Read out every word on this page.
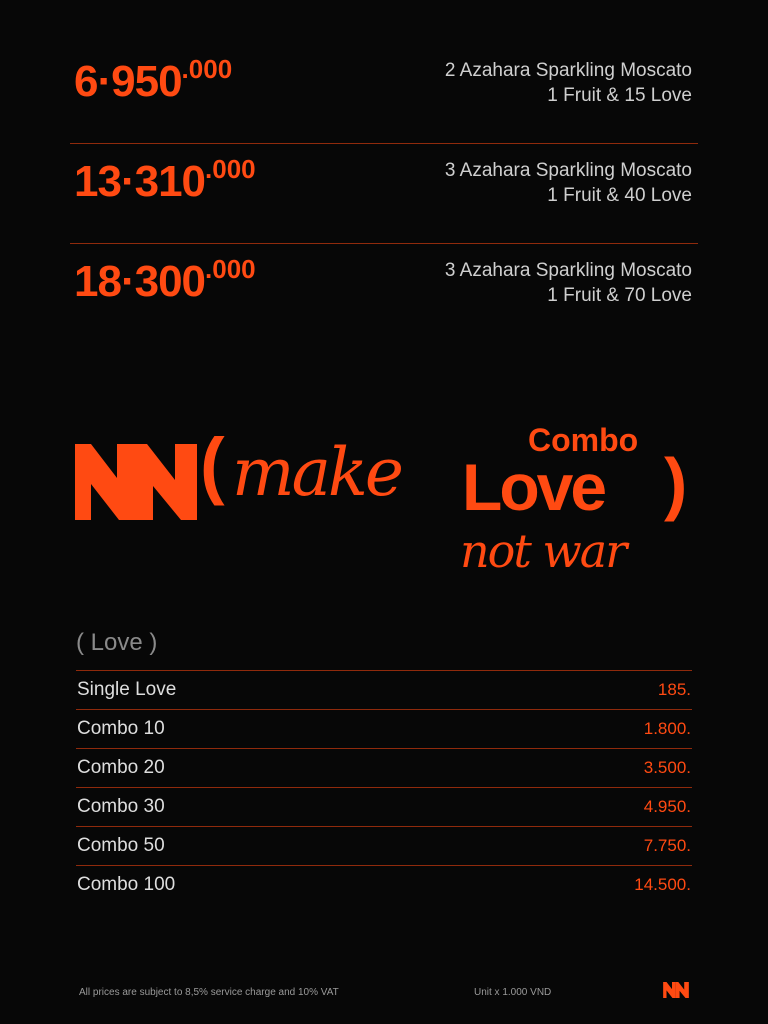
$6\cdot 950^{.000}$	2 Azahara Sparkling Moscato
1 Fruit & 15 Love
$13\cdot 310^{.000}$	3 Azahara Sparkling Moscato
1 Fruit & 40 Love
$18\cdot 300^{.000}$	3 Azahara Sparkling Moscato
1 Fruit & 70 Love
( make	Combo
Love )
not war
( Love )
Single Love	185.
Combo 10	1.800.
Combo 20	3.500.
Combo 30	4.950.
Combo 50	7.750.
Combo 100	14.500.
All prices are subject to 8,5% service charge and 10% VAT	Unit x 1.000 VND
